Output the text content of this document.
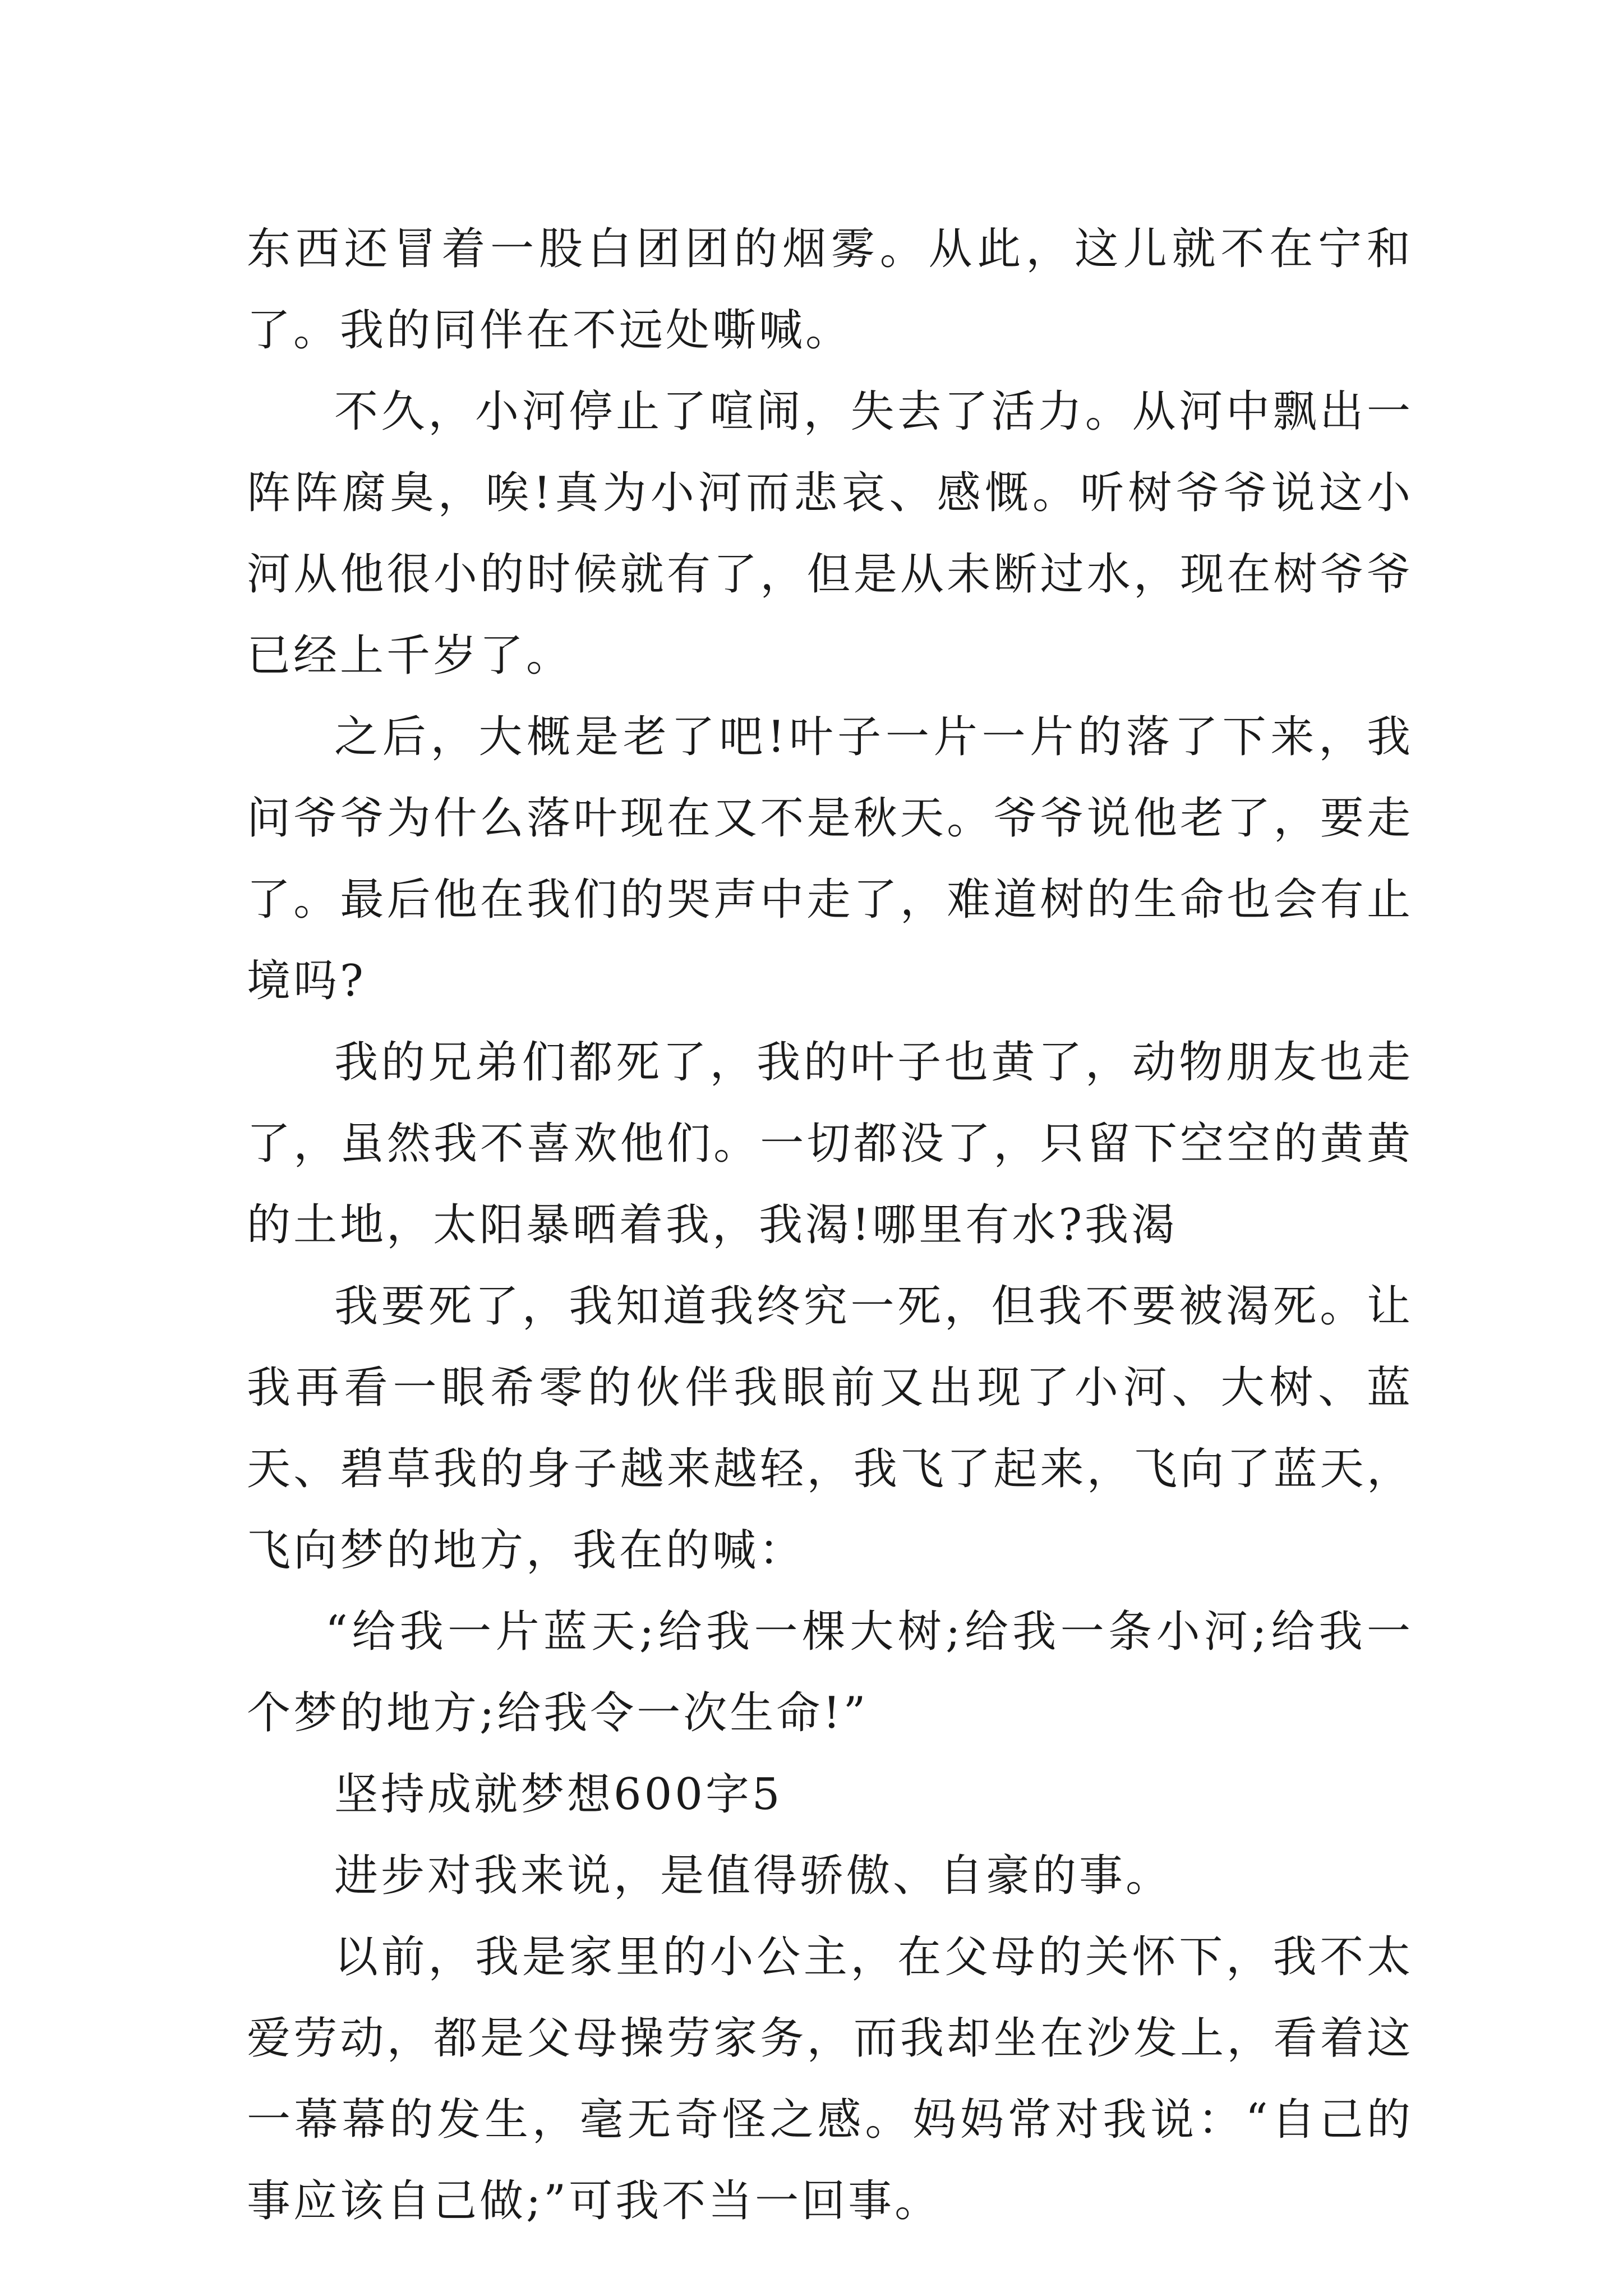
东西还冒着一股白团团的烟雾。从此，这儿就不在宁和了。我的同伴在不远处嘶喊。

不久，小河停止了喧闹，失去了活力。从河中飘出一阵阵腐臭，唉!真为小河而悲哀、感慨。听树爷爷说这小河从他很小的时候就有了，但是从未断过水，现在树爷爷已经上千岁了。

之后，大概是老了吧!叶子一片一片的落了下来，我问爷爷为什么落叶现在又不是秋天。爷爷说他老了，要走了。最后他在我们的哭声中走了，难道树的生命也会有止境吗?

我的兄弟们都死了，我的叶子也黄了，动物朋友也走了，虽然我不喜欢他们。一切都没了，只留下空空的黄黄的土地，太阳暴晒着我，我渴!哪里有水?我渴

我要死了，我知道我终究一死，但我不要被渴死。让我再看一眼希零的伙伴我眼前又出现了小河、大树、蓝天、碧草我的身子越来越轻，我飞了起来，飞向了蓝天，飞向梦的地方，我在的喊：

“给我一片蓝天;给我一棵大树;给我一条小河;给我一个梦的地方;给我令一次生命!”

坚持成就梦想600字5

进步对我来说，是值得骄傲、自豪的事。

以前，我是家里的小公主，在父母的关怀下，我不太爱劳动，都是父母操劳家务，而我却坐在沙发上，看着这一幕幕的发生，毫无奇怪之感。妈妈常对我说：“自己的事应该自己做;”可我不当一回事。
